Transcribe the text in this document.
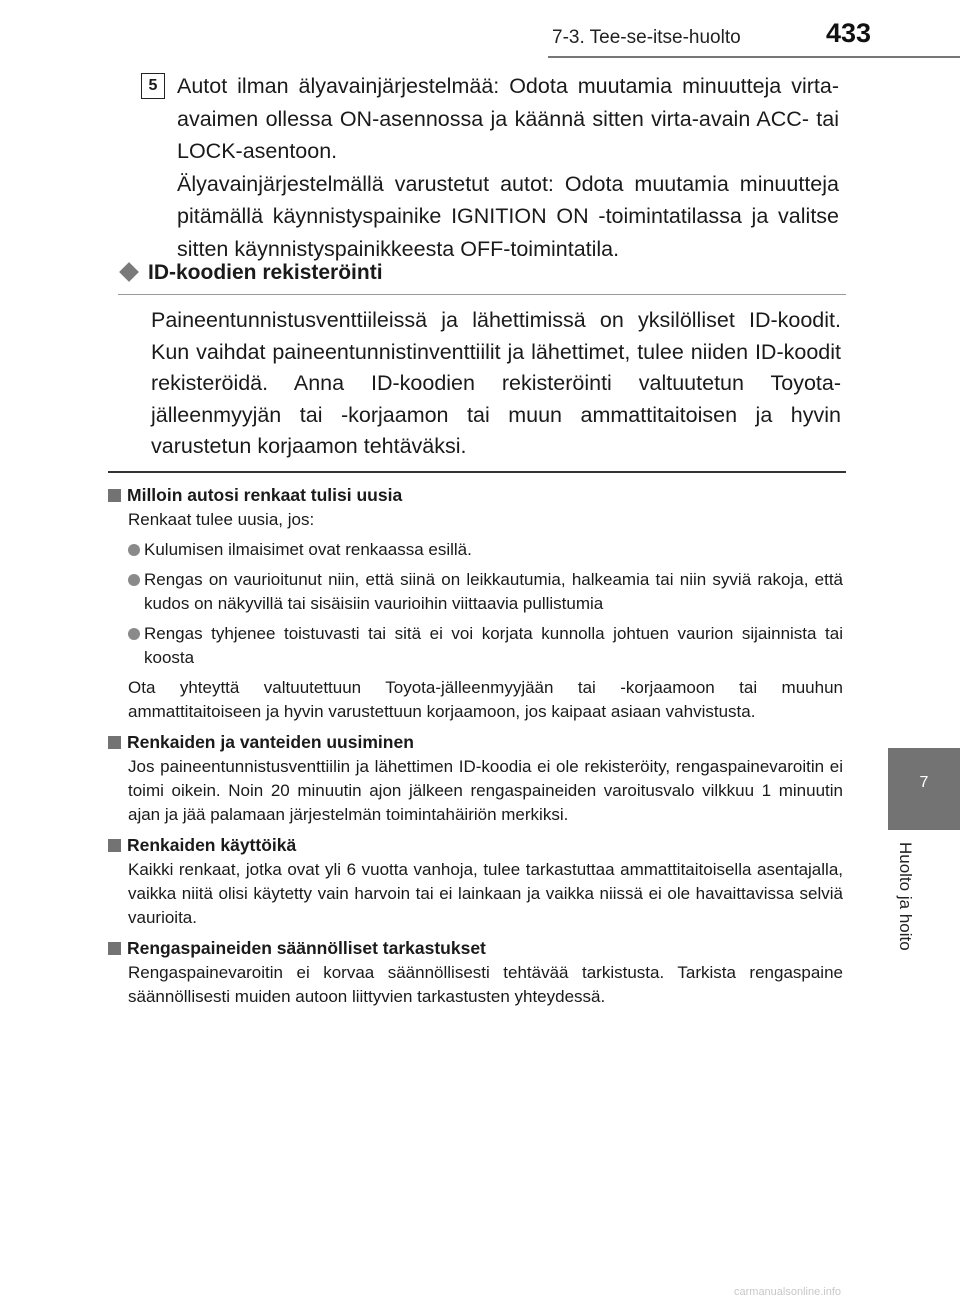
7-3. Tee-se-itse-huolto	433
7
Huolto ja hoito
5 Autot ilman älyavainjärjestelmää: Odota muutamia minuutteja virta-avaimen ollessa ON-asennossa ja käännä sitten virta-avain ACC- tai LOCK-asentoon.

Älyavainjärjestelmällä varustetut autot: Odota muutamia minuutteja pitämällä käynnistyspainike IGNITION ON -toimintatilassa ja valitse sitten käynnistyspainikkeesta OFF-toimintatila.

ID-koodien rekisteröinti

Paineentunnistusventtiileissä ja lähettimissä on yksilölliset ID-koodit. Kun vaihdat paineentunnistinventtiilit ja lähettimet, tulee niiden ID-koodit rekisteröidä. Anna ID-koodien rekisteröinti valtuutetun Toyota-jälleenmyyjän tai -korjaamon tai muun ammattitaitoisen ja hyvin varustetun korjaamon tehtäväksi.

Milloin autosi renkaat tulisi uusia

Renkaat tulee uusia, jos:

Kulumisen ilmaisimet ovat renkaassa esillä.
Rengas on vaurioitunut niin, että siinä on leikkautumia, halkeamia tai niin syviä rakoja, että kudos on näkyvillä tai sisäisiin vaurioihin viittaavia pullistumia
Rengas tyhjenee toistuvasti tai sitä ei voi korjata kunnolla johtuen vaurion sijainnista tai koosta

Ota yhteyttä valtuutettuun Toyota-jälleenmyyjään tai -korjaamoon tai muuhun ammattitaitoiseen ja hyvin varustettuun korjaamoon, jos kaipaat asiaan vahvistusta.

Renkaiden ja vanteiden uusiminen

Jos paineentunnistusventtiilin ja lähettimen ID-koodia ei ole rekisteröity, rengaspainevaroitin ei toimi oikein. Noin 20 minuutin ajon jälkeen rengaspaineiden varoitusvalo vilkkuu 1 minuutin ajan ja jää palamaan järjestelmän toimintahäiriön merkiksi.

Renkaiden käyttöikä

Kaikki renkaat, jotka ovat yli 6 vuotta vanhoja, tulee tarkastuttaa ammattitaitoisella asentajalla, vaikka niitä olisi käytetty vain harvoin tai ei lainkaan ja vaikka niissä ei ole havaittavissa selviä vaurioita.

Rengaspaineiden säännölliset tarkastukset

Rengaspainevaroitin ei korvaa säännöllisesti tehtävää tarkistusta. Tarkista rengaspaine säännöllisesti muiden autoon liittyvien tarkastusten yhteydessä.

carmanualsonline.info
